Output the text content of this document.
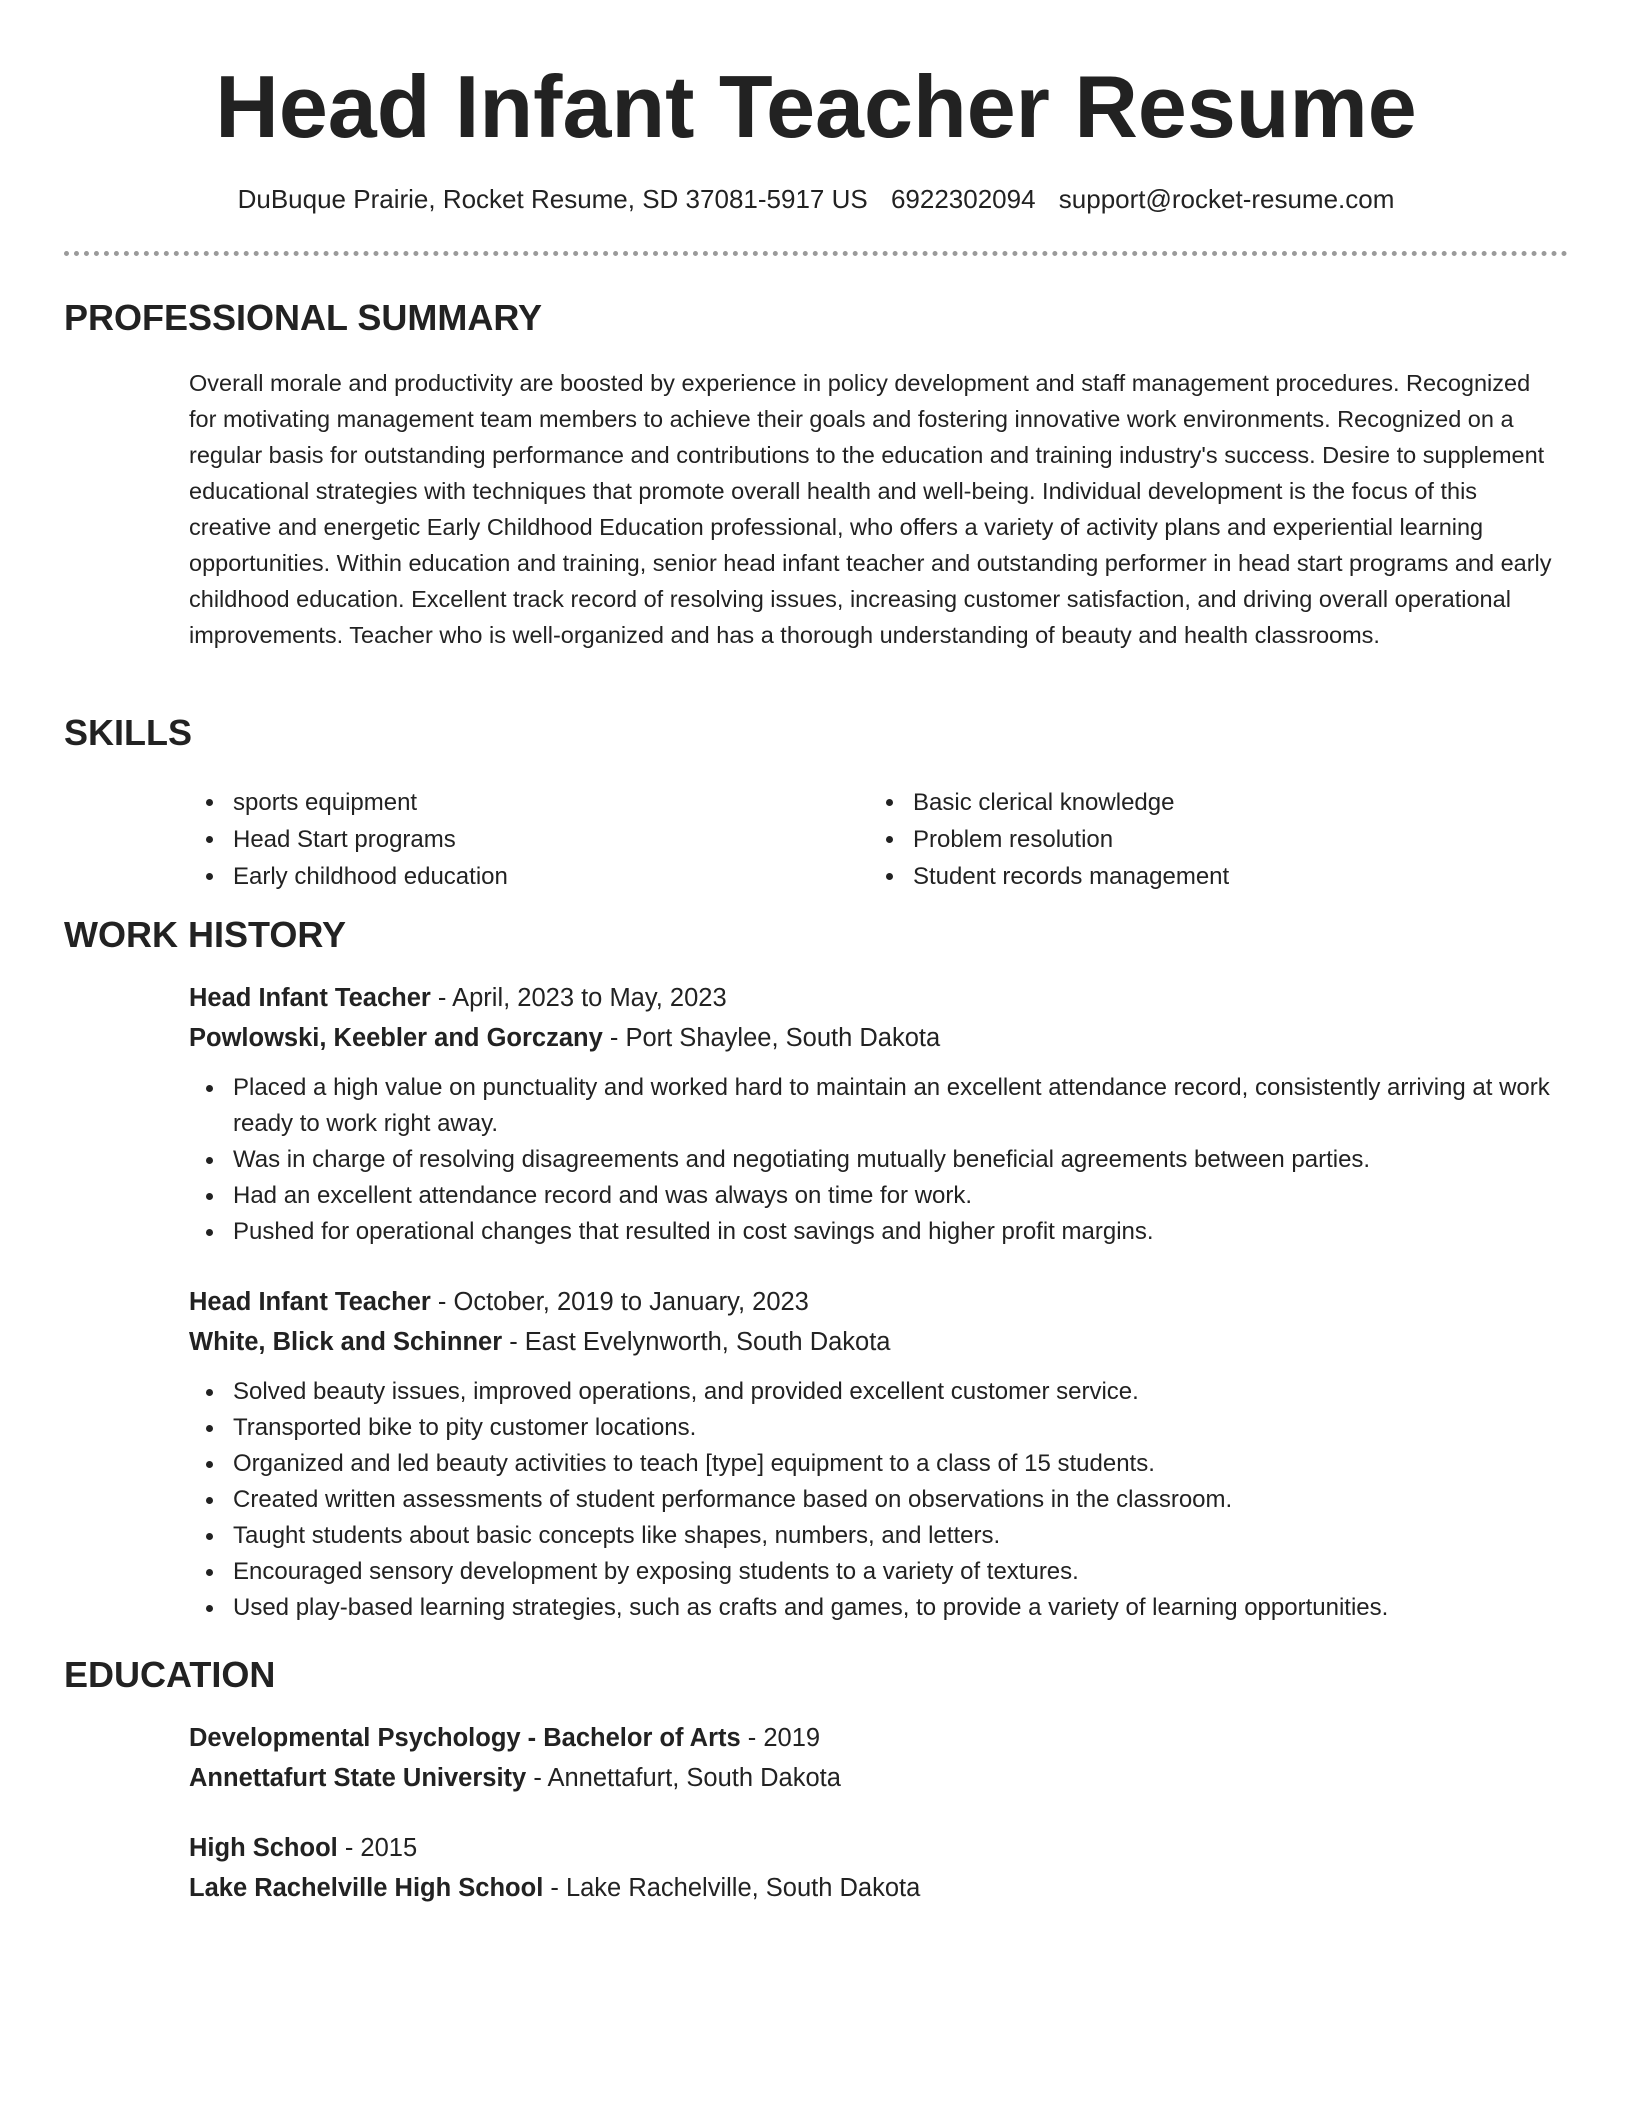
Head Infant Teacher Resume
DuBuque Prairie, Rocket Resume, SD 37081-5917 US 6922302094 support@rocket-resume.com
PROFESSIONAL SUMMARY

Overall morale and productivity are boosted by experience in policy development and staff management procedures. Recognized for motivating management team members to achieve their goals and fostering innovative work environments. Recognized on a regular basis for outstanding performance and contributions to the education and training industry's success. Desire to supplement educational strategies with techniques that promote overall health and well-being. Individual development is the focus of this creative and energetic Early Childhood Education professional, who offers a variety of activity plans and experiential learning opportunities. Within education and training, senior head infant teacher and outstanding performer in head start programs and early childhood education. Excellent track record of resolving issues, increasing customer satisfaction, and driving overall operational improvements. Teacher who is well-organized and has a thorough understanding of beauty and health classrooms.

SKILLS
sports equipment
Head Start programs
Early childhood education
Basic clerical knowledge
Problem resolution
Student records management
WORK HISTORY

Head Infant Teacher - April, 2023 to May, 2023

Powlowski, Keebler and Gorczany - Port Shaylee, South Dakota

Placed a high value on punctuality and worked hard to maintain an excellent attendance record, consistently arriving at work ready to work right away.
Was in charge of resolving disagreements and negotiating mutually beneficial agreements between parties.
Had an excellent attendance record and was always on time for work.
Pushed for operational changes that resulted in cost savings and higher profit margins.

Head Infant Teacher - October, 2019 to January, 2023

White, Blick and Schinner - East Evelynworth, South Dakota

Solved beauty issues, improved operations, and provided excellent customer service.
Transported bike to pity customer locations.
Organized and led beauty activities to teach [type] equipment to a class of 15 students.
Created written assessments of student performance based on observations in the classroom.
Taught students about basic concepts like shapes, numbers, and letters.
Encouraged sensory development by exposing students to a variety of textures.
Used play-based learning strategies, such as crafts and games, to provide a variety of learning opportunities.
EDUCATION

Developmental Psychology - Bachelor of Arts - 2019

Annettafurt State University - Annettafurt, South Dakota

High School - 2015

Lake Rachelville High School - Lake Rachelville, South Dakota
